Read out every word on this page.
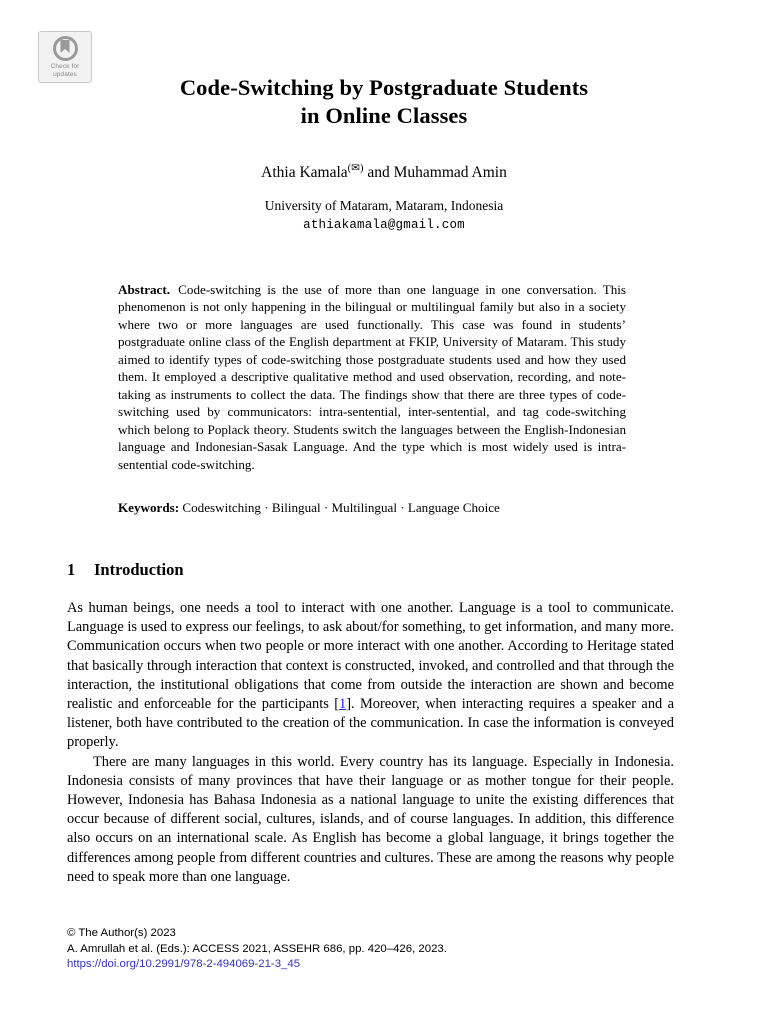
Check for
updates
Code-Switching by Postgraduate Students
in Online Classes
Athia Kamala(✉) and Muhammad Amin
University of Mataram, Mataram, Indonesia
athiakamala@gmail.com
Abstract. Code-switching is the use of more than one language in one conversation. This phenomenon is not only happening in the bilingual or multilingual family but also in a society where two or more languages are used functionally. This case was found in students’ postgraduate online class of the English department at FKIP, University of Mataram. This study aimed to identify types of code-switching those postgraduate students used and how they used them. It employed a descriptive qualitative method and used observation, recording, and note-taking as instruments to collect the data. The findings show that there are three types of code-switching used by communicators: intra-sentential, inter-sentential, and tag code-switching which belong to Poplack theory. Students switch the languages between the English-Indonesian language and Indonesian-Sasak Language. And the type which is most widely used is intra-sentential code-switching.
Keywords: Codeswitching · Bilingual · Multilingual · Language Choice
1 Introduction

As human beings, one needs a tool to interact with one another. Language is a tool to communicate. Language is used to express our feelings, to ask about/for something, to get information, and many more. Communication occurs when two people or more interact with one another. According to Heritage stated that basically through interaction that context is constructed, invoked, and controlled and that through the interaction, the institutional obligations that come from outside the interaction are shown and become realistic and enforceable for the participants [1]. Moreover, when interacting requires a speaker and a listener, both have contributed to the creation of the communication. In case the information is conveyed properly.

There are many languages in this world. Every country has its language. Especially in Indonesia. Indonesia consists of many provinces that have their language or as mother tongue for their people. However, Indonesia has Bahasa Indonesia as a national language to unite the existing differences that occur because of different social, cultures, islands, and of course languages. In addition, this difference also occurs on an international scale. As English has become a global language, it brings together the differences among people from different countries and cultures. These are among the reasons why people need to speak more than one language.

© The Author(s) 2023
A. Amrullah et al. (Eds.): ACCESS 2021, ASSEHR 686, pp. 420–426, 2023.
https://doi.org/10.2991/978-2-494069-21-3_45
